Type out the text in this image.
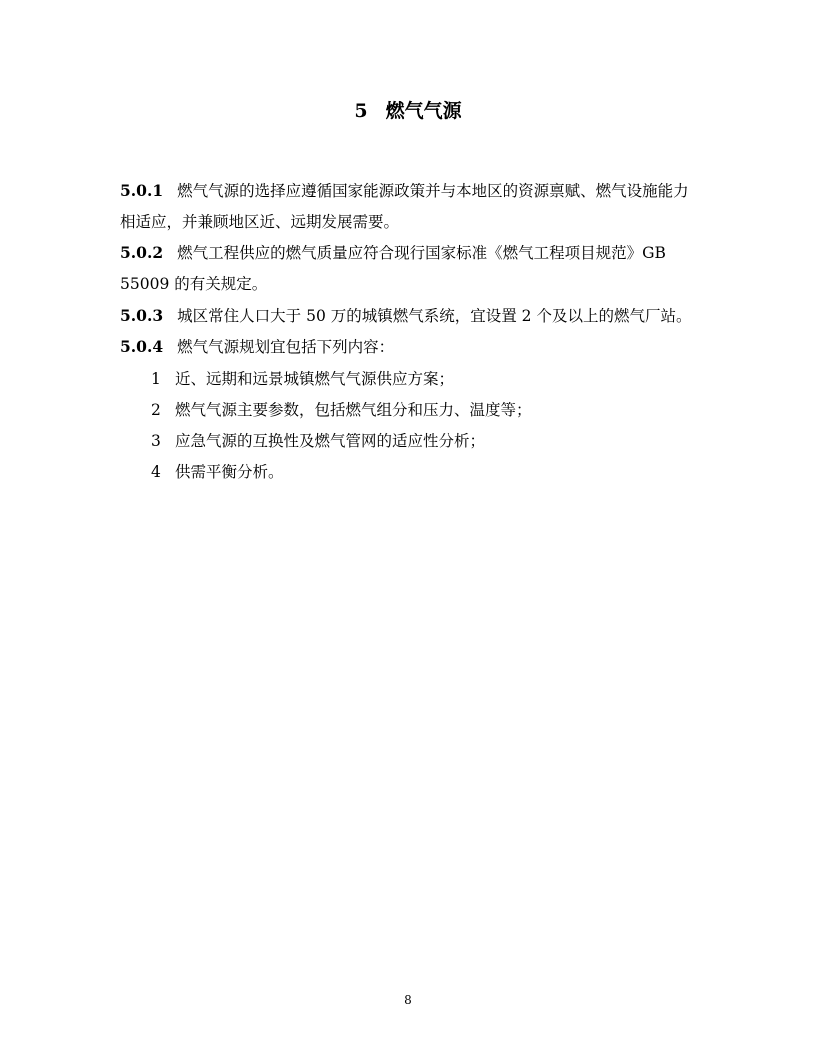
5 燃气气源
5.0.1 燃气气源的选择应遵循国家能源政策并与本地区的资源禀赋、燃气设施能力
相适应，并兼顾地区近、远期发展需要。
5.0.2 燃气工程供应的燃气质量应符合现行国家标准《燃气工程项目规范》GB
55009 的有关规定。
5.0.3 城区常住人口大于 50 万的城镇燃气系统，宜设置 2 个及以上的燃气厂站。
5.0.4 燃气气源规划宜包括下列内容：
1 近、远期和远景城镇燃气气源供应方案；
2 燃气气源主要参数，包括燃气组分和压力、温度等；
3 应急气源的互换性及燃气管网的适应性分析；
4 供需平衡分析。
8
